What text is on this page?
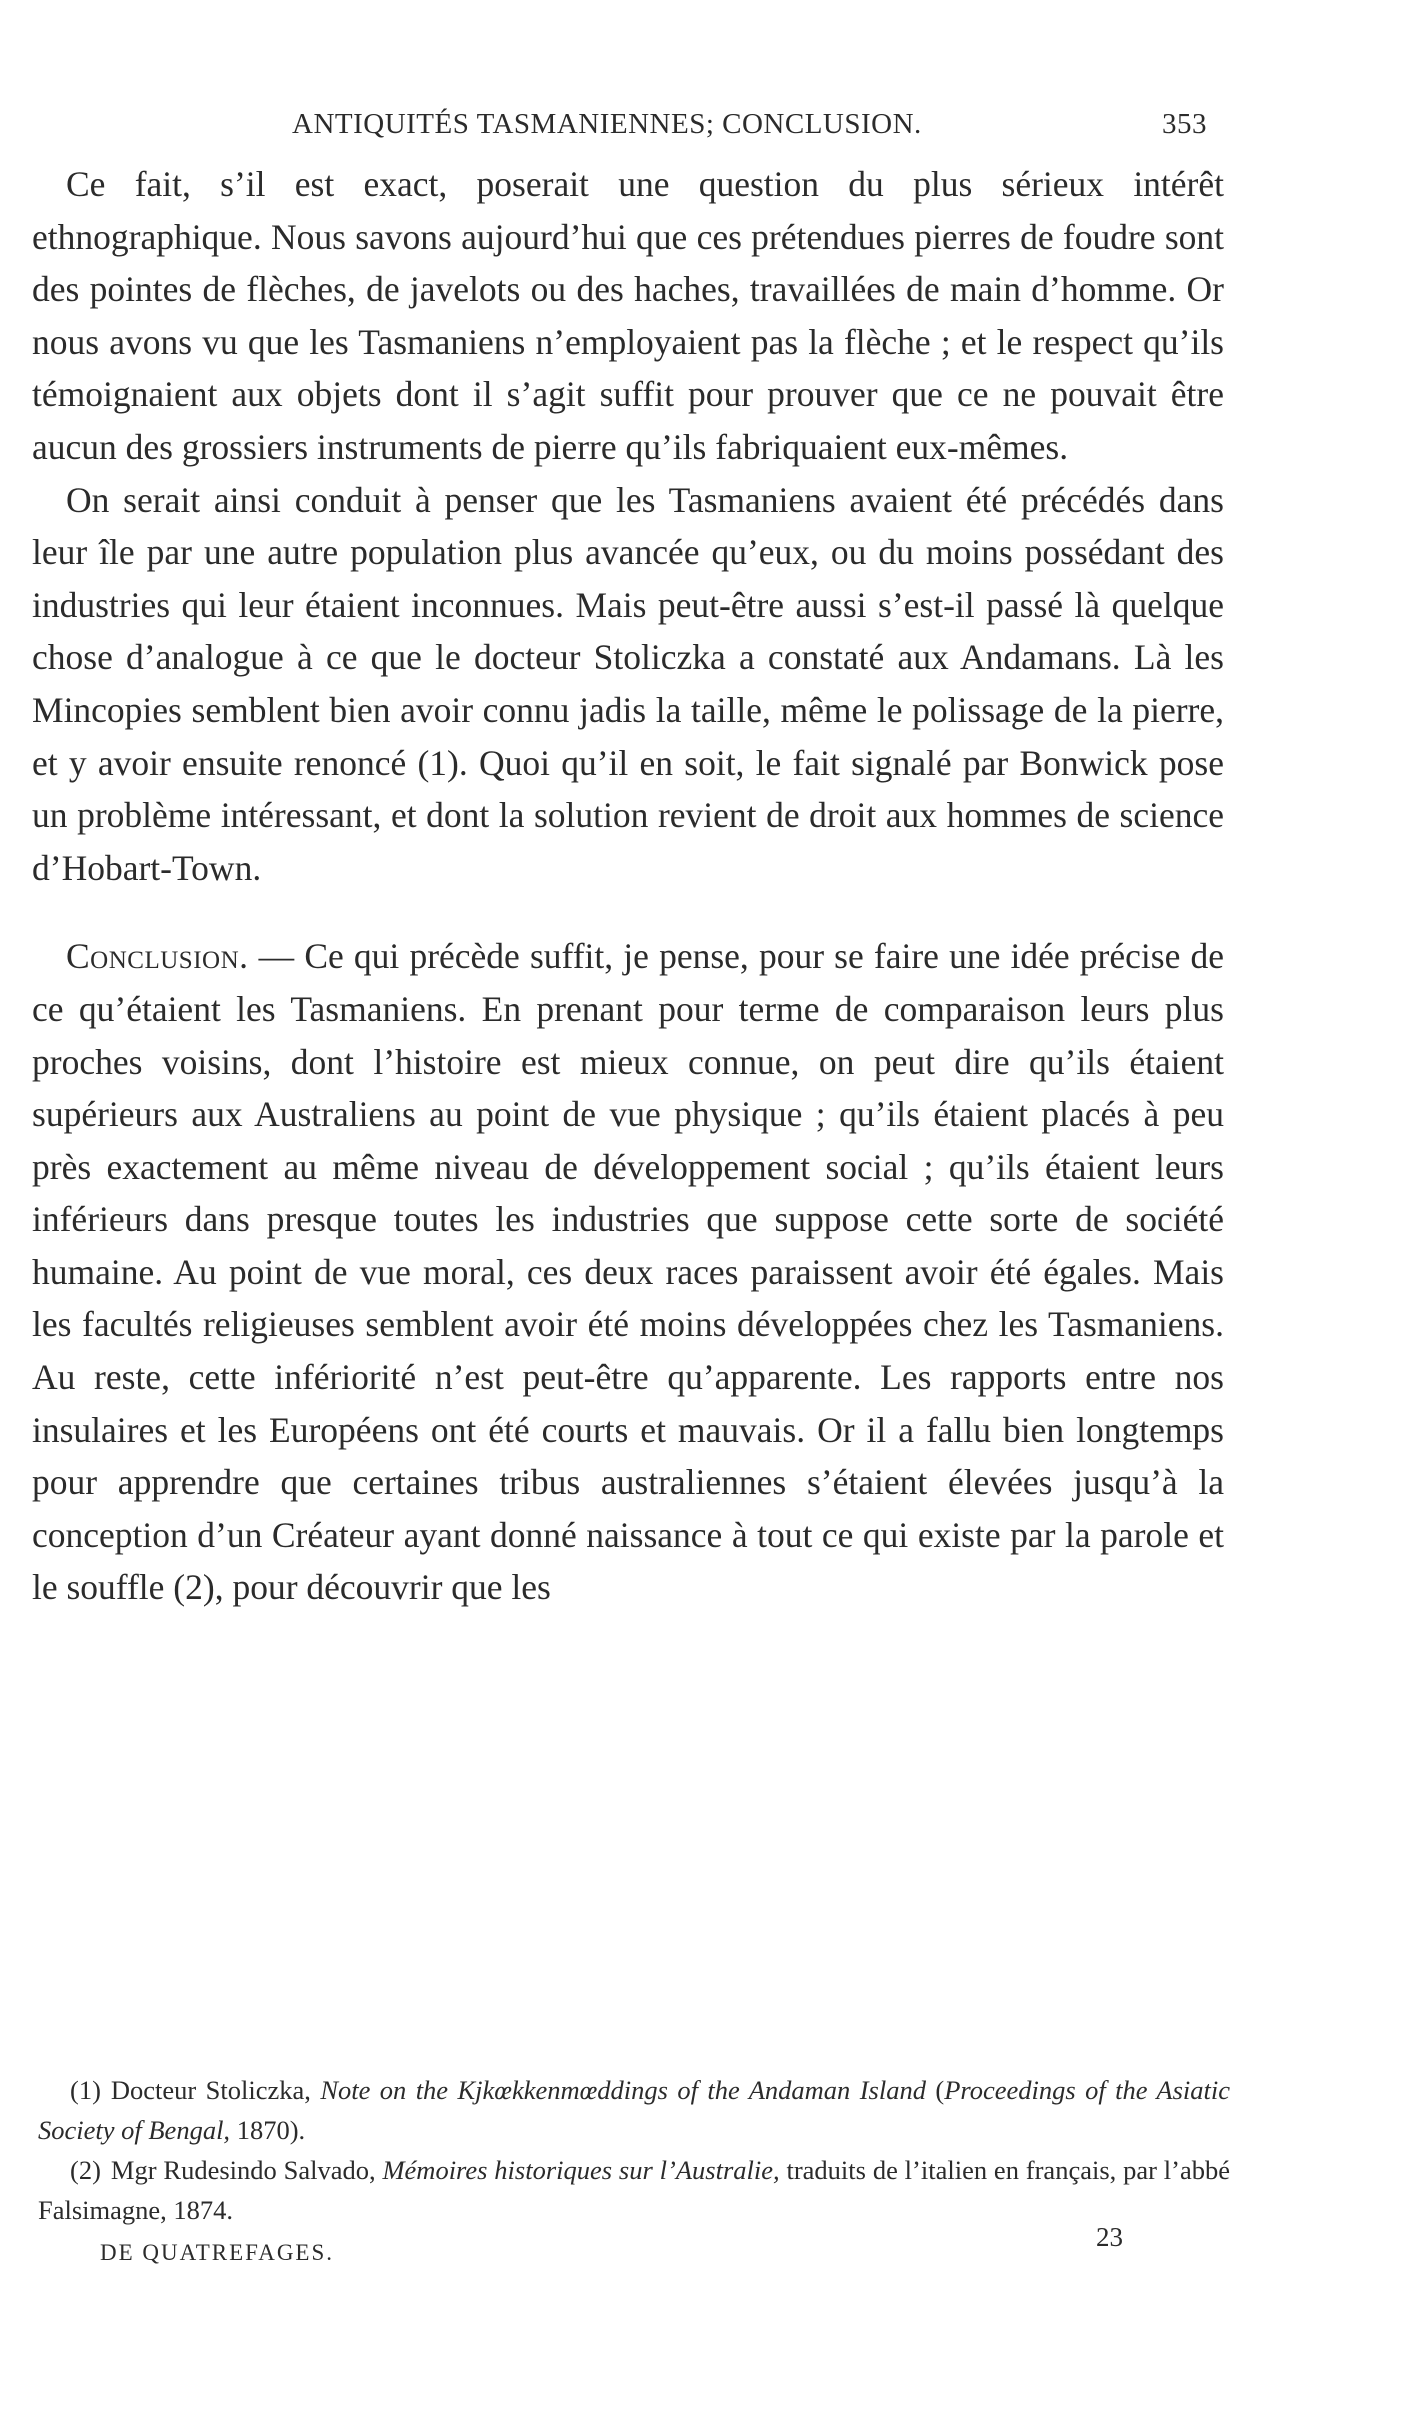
ANTIQUITÉS TASMANIENNES; CONCLUSION.	353

Ce fait, s’il est exact, poserait une question du plus sérieux intérêt ethnographique. Nous savons aujourd’hui que ces prétendues pierres de foudre sont des pointes de flèches, de javelots ou des haches, travaillées de main d’homme. Or nous avons vu que les Tasmaniens n’employaient pas la flèche ; et le respect qu’ils témoignaient aux objets dont il s’agit suffit pour prouver que ce ne pouvait être aucun des grossiers instruments de pierre qu’ils fabriquaient eux-mêmes.

On serait ainsi conduit à penser que les Tasmaniens avaient été précédés dans leur île par une autre population plus avancée qu’eux, ou du moins possédant des industries qui leur étaient inconnues. Mais peut-être aussi s’est-il passé là quelque chose d’analogue à ce que le docteur Stoliczka a constaté aux Andamans. Là les Mincopies semblent bien avoir connu jadis la taille, même le polissage de la pierre, et y avoir ensuite renoncé (1). Quoi qu’il en soit, le fait signalé par Bonwick pose un problème intéressant, et dont la solution revient de droit aux hommes de science d’Hobart-Town.

Conclusion. — Ce qui précède suffit, je pense, pour se faire une idée précise de ce qu’étaient les Tasmaniens. En prenant pour terme de comparaison leurs plus proches voisins, dont l’histoire est mieux connue, on peut dire qu’ils étaient supérieurs aux Australiens au point de vue physique ; qu’ils étaient placés à peu près exactement au même niveau de développement social ; qu’ils étaient leurs inférieurs dans presque toutes les industries que suppose cette sorte de société humaine. Au point de vue moral, ces deux races paraissent avoir été égales. Mais les facultés religieuses semblent avoir été moins développées chez les Tasmaniens. Au reste, cette infériorité n’est peut-être qu’apparente. Les rapports entre nos insulaires et les Européens ont été courts et mauvais. Or il a fallu bien longtemps pour apprendre que certaines tribus australiennes s’étaient élevées jusqu’à la conception d’un Créateur ayant donné naissance à tout ce qui existe par la parole et le souffle (2), pour découvrir que les

(1) Docteur Stoliczka, Note on the Kjkœkkenmœddings of the Andaman Island (Proceedings of the Asiatic Society of Bengal, 1870).

(2) Mgr Rudesindo Salvado, Mémoires historiques sur l’Australie, traduits de l’italien en français, par l’abbé Falsimagne, 1874.

DE QUATREFAGES.
23
